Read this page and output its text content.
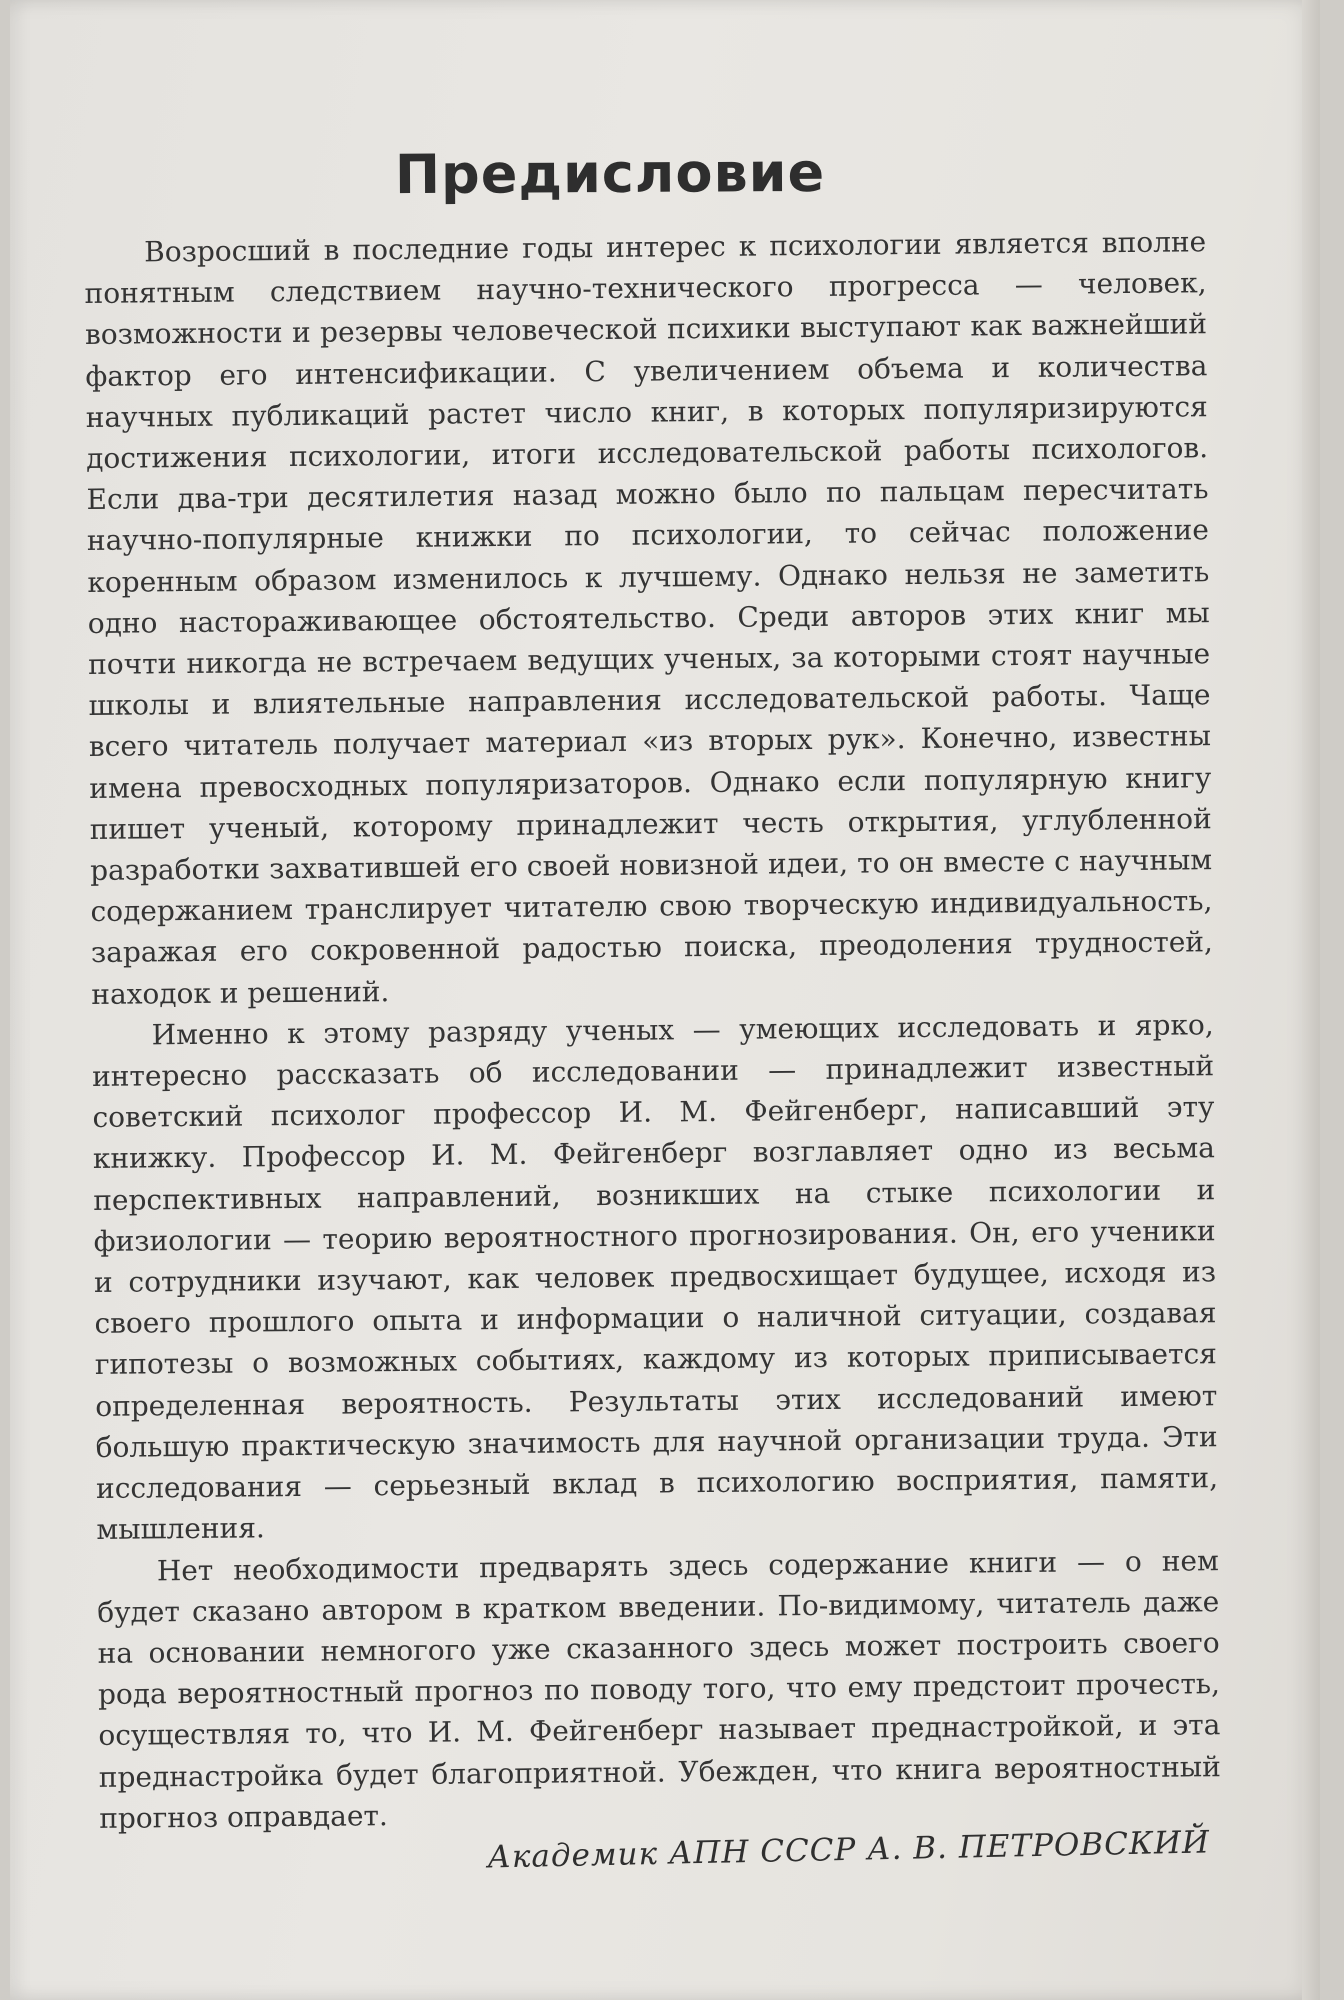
Предисловие

Возросший в последние годы интерес к психологии является вполне понятным следствием научно-технического прогресса — человек, возможности и резервы человеческой психики выступают как важнейший фактор его интенсификации. С увеличением объема и количества научных публикаций растет число книг, в которых популяризируются достижения психологии, итоги исследовательской работы психологов. Если два-три десятилетия назад можно было по пальцам пересчитать научно-популярные книжки по психологии, то сейчас положение коренным образом изменилось к лучшему. Однако нельзя не заметить одно настораживающее обстоятельство. Среди авторов этих книг мы почти никогда не встречаем ведущих ученых, за которыми стоят научные школы и влиятельные направления исследовательской работы. Чаще всего читатель получает материал «из вторых рук». Конечно, известны имена превосходных популяризаторов. Однако если популярную книгу пишет ученый, которому принадлежит честь открытия, углубленной разработки захватившей его своей новизной идеи, то он вместе с научным содержанием транслирует читателю свою творческую индивидуальность, заражая его сокровенной радостью поиска, преодоления трудностей, находок и решений.

Именно к этому разряду ученых — умеющих исследовать и ярко, интересно рассказать об исследовании — принадлежит известный советский психолог профессор И. М. Фейгенберг, написавший эту книжку. Профессор И. М. Фейгенберг возглавляет одно из весьма перспективных направлений, возникших на стыке психологии и физиологии — теорию вероятностного прогнозирования. Он, его ученики и сотрудники изучают, как человек предвосхищает будущее, исходя из своего прошлого опыта и информации о наличной ситуации, создавая гипотезы о возможных событиях, каждому из которых приписывается определенная вероятность. Результаты этих исследований имеют большую практическую значимость для научной организации труда. Эти исследования — серьезный вклад в психологию восприятия, памяти, мышления.

Нет необходимости предварять здесь содержание книги — о нем будет сказано автором в кратком введении. По-видимому, читатель даже на основании немногого уже сказанного здесь может построить своего рода вероятностный прогноз по поводу того, что ему предстоит прочесть, осуществляя то, что И. М. Фейгенберг называет преднастройкой, и эта преднастройка будет благоприятной. Убежден, что книга вероятностный прогноз оправдает.

Академик АПН СССР А. В. ПЕТРОВСКИЙ
